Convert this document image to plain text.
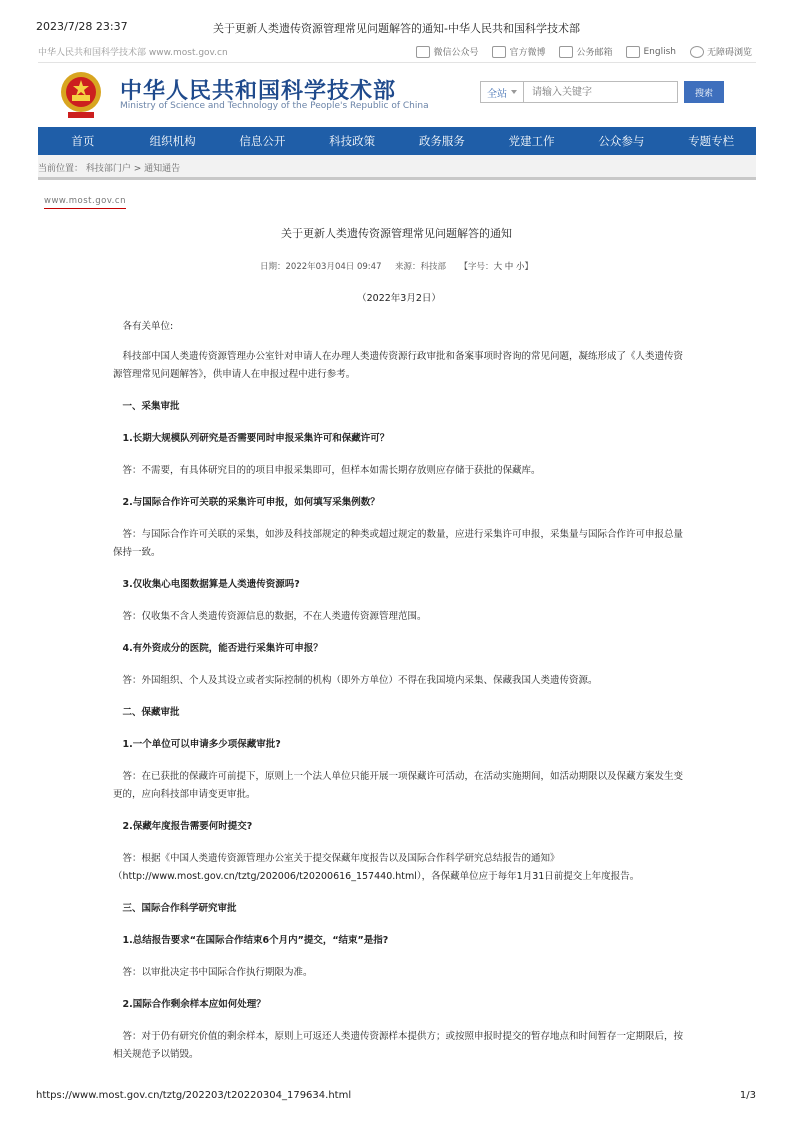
2023/7/28 23:37	关于更新人类遗传资源管理常见问题解答的通知-中华人民共和国科学技术部
中华人民共和国科学技术部 www.most.gov.cn	微信公众号	官方微博	公务邮箱	English	无障碍浏览
中华人民共和国科学技术部
Ministry of Science and Technology of the People's Republic of China
全站
请输入关键字	搜索
首页	组织机构	信息公开	科技政策	政务服务	党建工作	公众参与	专题专栏
当前位置： 科技部门户 > 通知通告
www.most.gov.cn
关于更新人类遗传资源管理常见问题解答的通知
日期：2022年03月04日 09:47 来源：科技部 【字号：大 中 小】

（2022年3月2日）

各有关单位:

科技部中国人类遗传资源管理办公室针对申请人在办理人类遗传资源行政审批和备案事项时咨询的常见问题，凝练形成了《人类遗传资源管理常见问题解答》，供申请人在申报过程中进行参考。

一、采集审批

1.长期大规模队列研究是否需要同时申报采集许可和保藏许可？

答：不需要，有具体研究目的的项目申报采集即可，但样本如需长期存放则应存储于获批的保藏库。

2.与国际合作许可关联的采集许可申报，如何填写采集例数？

答：与国际合作许可关联的采集，如涉及科技部规定的种类或超过规定的数量，应进行采集许可申报，采集量与国际合作许可申报总量保持一致。

3.仅收集心电图数据算是人类遗传资源吗?

答：仅收集不含人类遗传资源信息的数据，不在人类遗传资源管理范围。

4.有外资成分的医院，能否进行采集许可申报？

答：外国组织、个人及其设立或者实际控制的机构（即外方单位）不得在我国境内采集、保藏我国人类遗传资源。

二、保藏审批

1.一个单位可以申请多少项保藏审批?

答：在已获批的保藏许可前提下，原则上一个法人单位只能开展一项保藏许可活动，在活动实施期间，如活动期限以及保藏方案发生变更的，应向科技部申请变更审批。

2.保藏年度报告需要何时提交?

答：根据《中国人类遗传资源管理办公室关于提交保藏年度报告以及国际合作科学研究总结报告的通知》（http://www.most.gov.cn/tztg/202006/t20200616_157440.html），各保藏单位应于每年1月31日前提交上年度报告。

三、国际合作科学研究审批

1.总结报告要求“在国际合作结束6个月内”提交，“结束”是指?

答：以审批决定书中国际合作执行期限为准。

2.国际合作剩余样本应如何处理？

答：对于仍有研究价值的剩余样本，原则上可返还人类遗传资源样本提供方；或按照申报时提交的暂存地点和时间暂存一定期限后，按相关规范予以销毁。

https://www.most.gov.cn/tztg/202203/t20220304_179634.html	1/3
